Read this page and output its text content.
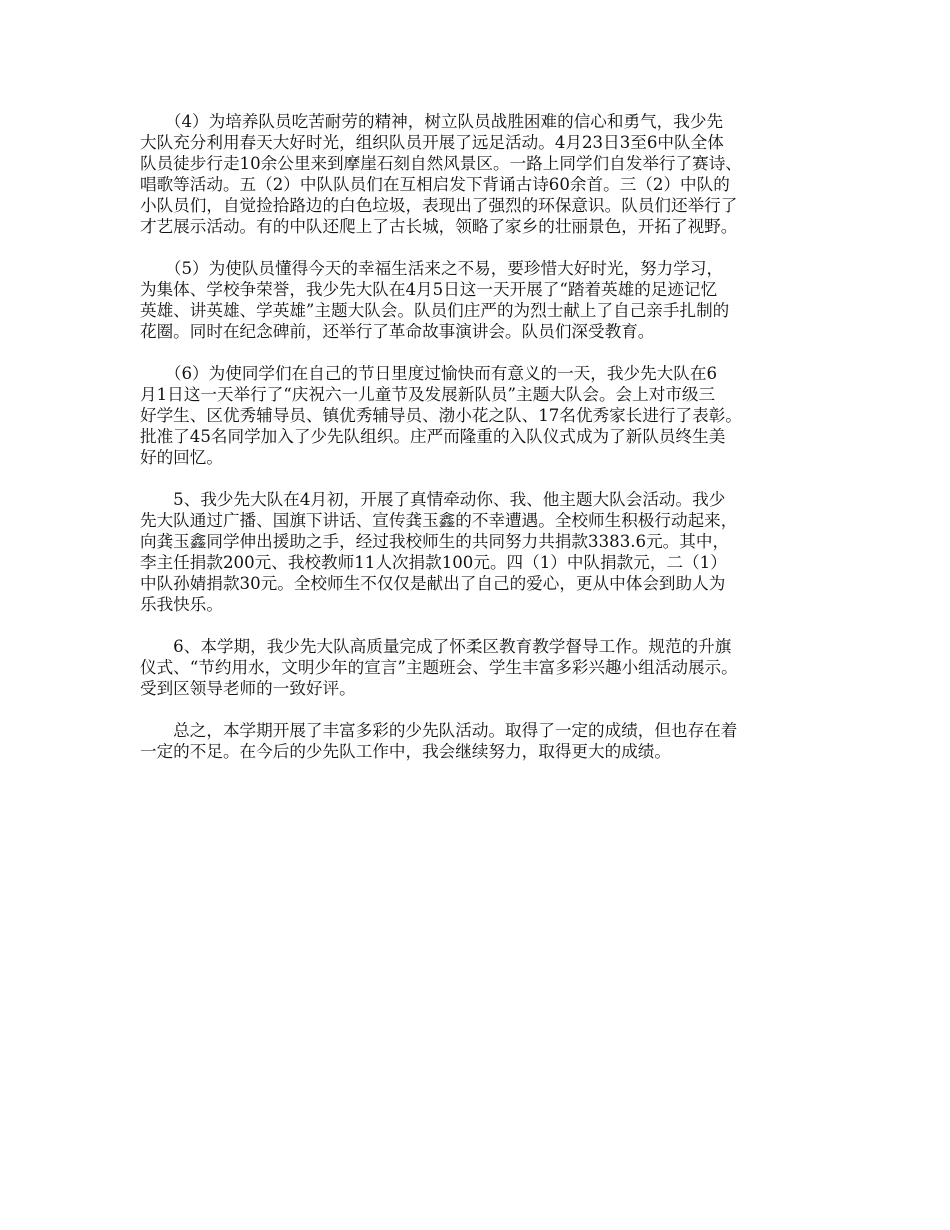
　　（4）为培养队员吃苦耐劳的精神，树立队员战胜困难的信心和勇气，我少先
大队充分利用春天大好时光，组织队员开展了远足活动。4月23日3至6中队全体
队员徒步行走10余公里来到摩崖石刻自然风景区。一路上同学们自发举行了赛诗、
唱歌等活动。五（2）中队队员们在互相启发下背诵古诗60余首。三（2）中队的
小队员们，自觉捡拾路边的白色垃圾，表现出了强烈的环保意识。队员们还举行了
才艺展示活动。有的中队还爬上了古长城，领略了家乡的壮丽景色，开拓了视野。

　　（5）为使队员懂得今天的幸福生活来之不易，要珍惜大好时光，努力学习，
为集体、学校争荣誉，我少先大队在4月5日这一天开展了“踏着英雄的足迹记忆
英雄、讲英雄、学英雄”主题大队会。队员们庄严的为烈士献上了自己亲手扎制的
花圈。同时在纪念碑前，还举行了革命故事演讲会。队员们深受教育。

　　（6）为使同学们在自己的节日里度过愉快而有意义的一天，我少先大队在6
月1日这一天举行了“庆祝六一儿童节及发展新队员”主题大队会。会上对市级三
好学生、区优秀辅导员、镇优秀辅导员、渤小花之队、17名优秀家长进行了表彰。
批准了45名同学加入了少先队组织。庄严而隆重的入队仪式成为了新队员终生美
好的回忆。

　　5、我少先大队在4月初，开展了真情牵动你、我、他主题大队会活动。我少
先大队通过广播、国旗下讲话、宣传龚玉鑫的不幸遭遇。全校师生积极行动起来，
向龚玉鑫同学伸出援助之手，经过我校师生的共同努力共捐款3383.6元。其中，
李主任捐款200元、我校教师11人次捐款100元。四（1）中队捐款元，二（1）
中队孙婧捐款30元。全校师生不仅仅是献出了自己的爱心，更从中体会到助人为
乐我快乐。

　　6、本学期，我少先大队高质量完成了怀柔区教育教学督导工作。规范的升旗
仪式、“节约用水，文明少年的宣言”主题班会、学生丰富多彩兴趣小组活动展示。
受到区领导老师的一致好评。

　　总之，本学期开展了丰富多彩的少先队活动。取得了一定的成绩，但也存在着
一定的不足。在今后的少先队工作中，我会继续努力，取得更大的成绩。
